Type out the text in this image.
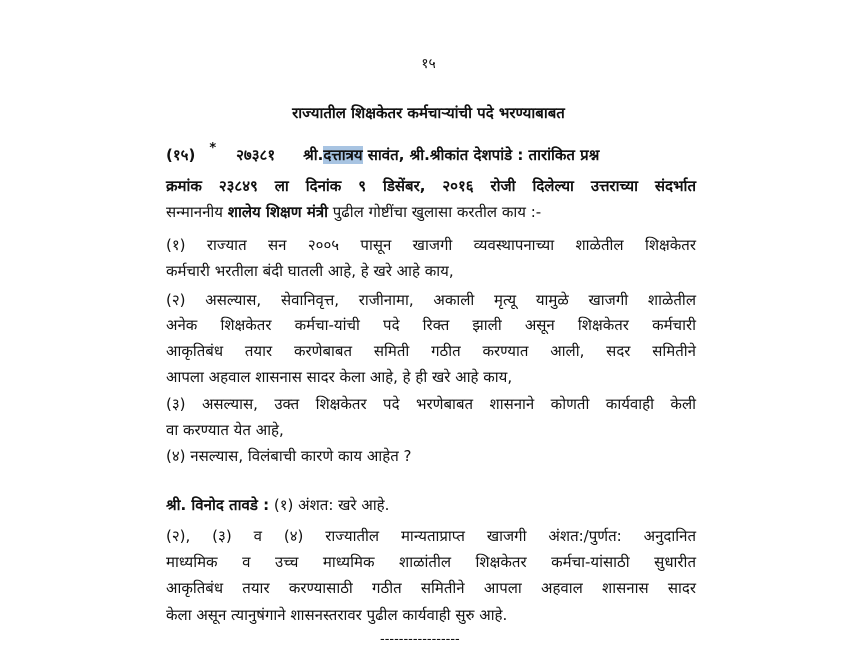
१५
राज्यातील शिक्षकेतर कर्मचाऱ्यांची पदे भरण्याबाबत
(१५) * २७३८१ श्री.दत्तात्रय सावंत, श्री.श्रीकांत देशपांडे : तारांकित प्रश्न
क्रमांक २३८४९ ला दिनांक ९ डिसेंबर, २०१६ रोजी दिलेल्या उत्तराच्या संदर्भात
सन्माननीय शालेय शिक्षण मंत्री पुढील गोष्टींचा खुलासा करतील काय :-
(१) राज्यात सन २००५ पासून खाजगी व्यवस्थापनाच्या शाळेतील शिक्षकेतर
कर्मचारी भरतीला बंदी घातली आहे, हे खरे आहे काय,
(२) असल्यास, सेवानिवृत्त, राजीनामा, अकाली मृत्यू यामुळे खाजगी शाळेतील
अनेक शिक्षकेतर कर्मचा-यांची पदे रिक्त झाली असून शिक्षकेतर कर्मचारी
आकृतिबंध तयार करणेबाबत समिती गठीत करण्यात आली, सदर समितीने
आपला अहवाल शासनास सादर केला आहे, हे ही खरे आहे काय,
(३) असल्यास, उक्त शिक्षकेतर पदे भरणेबाबत शासनाने कोणती कार्यवाही केली
वा करण्यात येत आहे,
(४) नसल्यास, विलंबाची कारणे काय आहेत ?
श्री. विनोद तावडे : (१) अंशत: खरे आहे.
(२), (३) व (४) राज्यातील मान्यताप्राप्त खाजगी अंशत:/पुर्णत: अनुदानित
माध्यमिक व उच्च माध्यमिक शाळांतील शिक्षकेतर कर्मचा-यांसाठी सुधारीत
आकृतिबंध तयार करण्यासाठी गठीत समितीने आपला अहवाल शासनास सादर
केला असून त्यानुषंगाने शासनस्तरावर पुढील कार्यवाही सुरु आहे.
-----------------
